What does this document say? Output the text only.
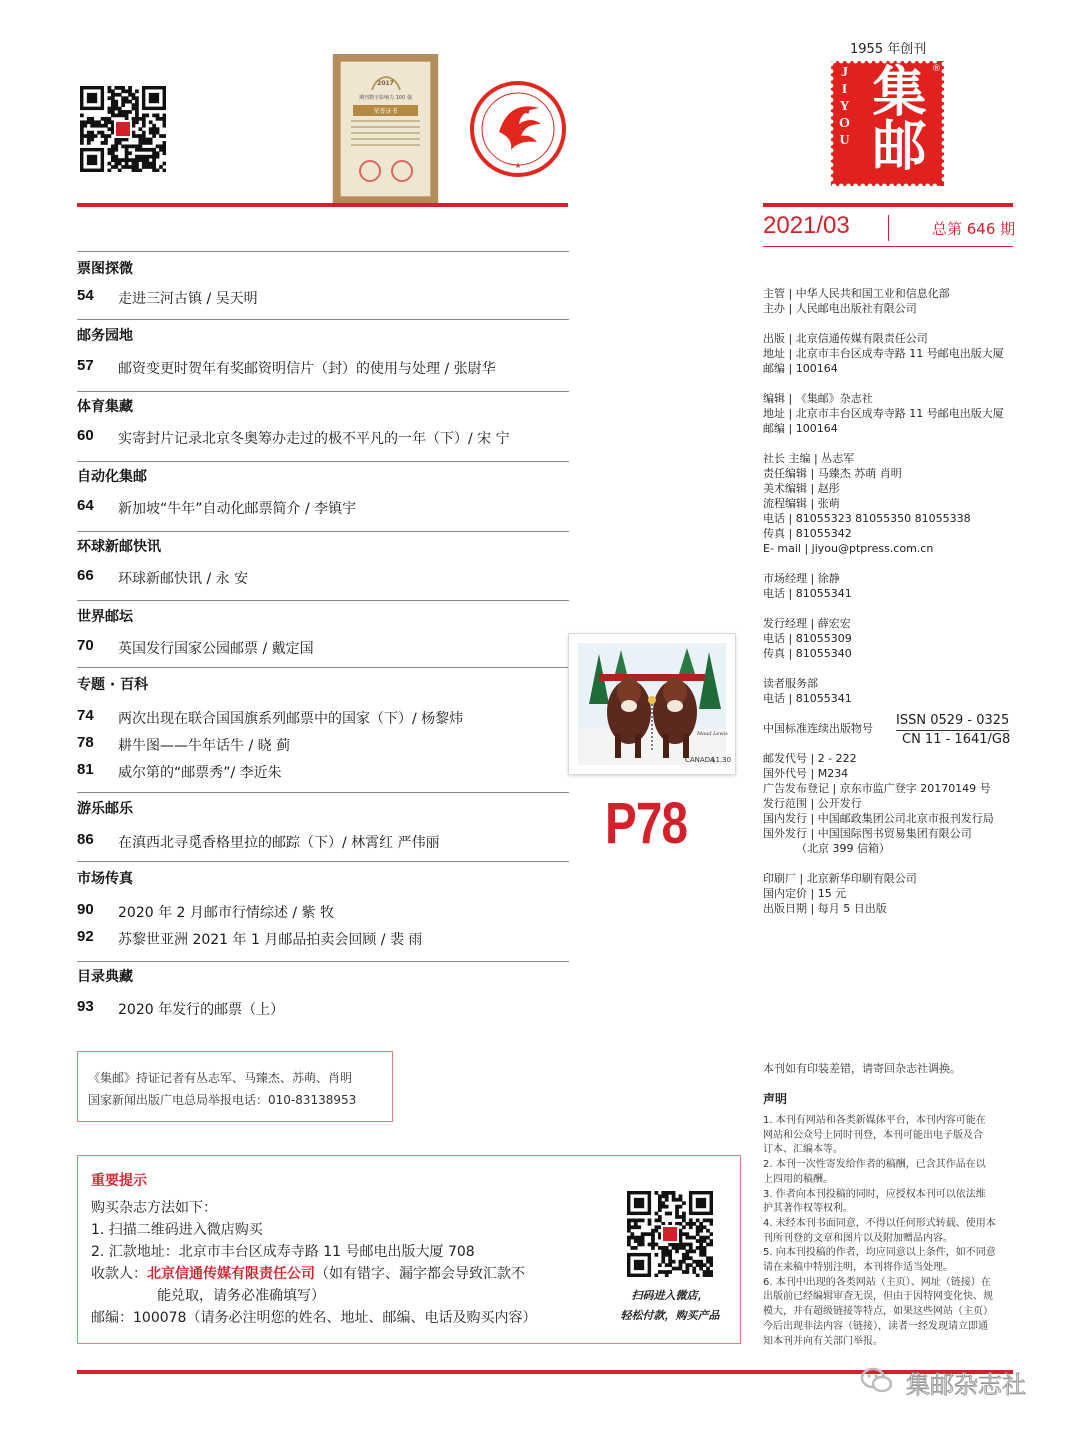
2017
期刊数字影响力 100 强
荣誉证书
★
1955 年创刊
JIYOU 集邮 ®
2021/03	总第 646 期
票图探微
54 走进三河古镇 / 吴天明
邮务园地
57 邮资变更时贺年有奖邮资明信片（封）的使用与处理 / 张尉华
体育集藏
60 实寄封片记录北京冬奥筹办走过的极不平凡的一年（下）/ 宋 宁
自动化集邮
64 新加坡“牛年”自动化邮票简介 / 李镇宇
环球新邮快讯
66 环球新邮快讯 / 永 安
世界邮坛
70 英国发行国家公园邮票 / 戴定国
专题 · 百科
74 两次出现在联合国国旗系列邮票中的国家（下）/ 杨黎炜
78 耕牛图——牛年话牛 / 晓 蓟
81 威尔第的“邮票秀”/ 李近朱
游乐邮乐
86 在滇西北寻觅香格里拉的邮踪（下）/ 林霄红 严伟丽
市场传真
90 2020 年 2 月邮市行情综述 / 紫 牧
92 苏黎世亚洲 2021 年 1 月邮品拍卖会回顾 / 裴 雨
目录典藏
93 2020 年发行的邮票（上）
CANADA
$1.30
Maud Lewis
P78
主管 | 中华人民共和国工业和信息化部
主办 | 人民邮电出版社有限公司
出版 | 北京信通传媒有限责任公司
地址 | 北京市丰台区成寿寺路 11 号邮电出版大厦
邮编 | 100164
编辑 | 《集邮》杂志社
地址 | 北京市丰台区成寿寺路 11 号邮电出版大厦
邮编 | 100164
社长 主编 | 丛志军
责任编辑 | 马臻杰 苏萌 肖明
美术编辑 | 赵彤
流程编辑 | 张萌
电话 | 81055323 81055350 81055338
传真 | 81055342
E- mail | jiyou@ptpress.com.cn
市场经理 | 徐静
电话 | 81055341
发行经理 | 薛宏宏
电话 | 81055309
传真 | 81055340
读者服务部
电话 | 81055341
中国标准连续出版物号
ISSN 0529 - 0325
CN 11 - 1641/G8
邮发代号 | 2 - 222
国外代号 | M234
广告发布登记 | 京东市监广登字 20170149 号
发行范围 | 公开发行
国内发行 | 中国邮政集团公司北京市报刊发行局
国外发行 | 中国国际图书贸易集团有限公司
（北京 399 信箱）
印刷厂 | 北京新华印刷有限公司
国内定价 | 15 元
出版日期 | 每月 5 日出版
《集邮》持证记者有丛志军、马臻杰、苏萌、肖明
国家新闻出版广电总局举报电话：010-83138953
重要提示
购买杂志方法如下：
1. 扫描二维码进入微店购买
2. 汇款地址：北京市丰台区成寿寺路 11 号邮电出版大厦 708
收款人：北京信通传媒有限责任公司（如有错字、漏字都会导致汇款不
能兑取，请务必准确填写）
邮编：100078（请务必注明您的姓名、地址、邮编、电话及购买内容）
扫码进入微店，
轻松付款，购买产品
本刊如有印装差错，请寄回杂志社调换。
声明
1. 本刊有网站和各类新媒体平台，本刊内容可能在
网站和公众号上同时刊登，本刊可能出电子版及合
订本、汇编本等。
2. 本刊一次性寄发给作者的稿酬，已含其作品在以
上四用的稿酬。
3. 作者向本刊投稿的同时，应授权本刊可以依法维
护其著作权等权利。
4. 未经本刊书面同意，不得以任何形式转载、使用本
刊所刊登的文章和图片以及附加赠品内容。
5. 向本刊投稿的作者，均应同意以上条件，如不同意
请在来稿中特别注明，本刊将作适当处理。
6. 本刊中出现的各类网站（主页）、网址（链接）在
出版前已经编辑审查无误，但由于因特网变化快、规
模大，并有超级链接等特点，如果这些网站（主页）
今后出现非法内容（链接），读者一经发现请立即通
知本刊并向有关部门举报。
集邮杂志社
